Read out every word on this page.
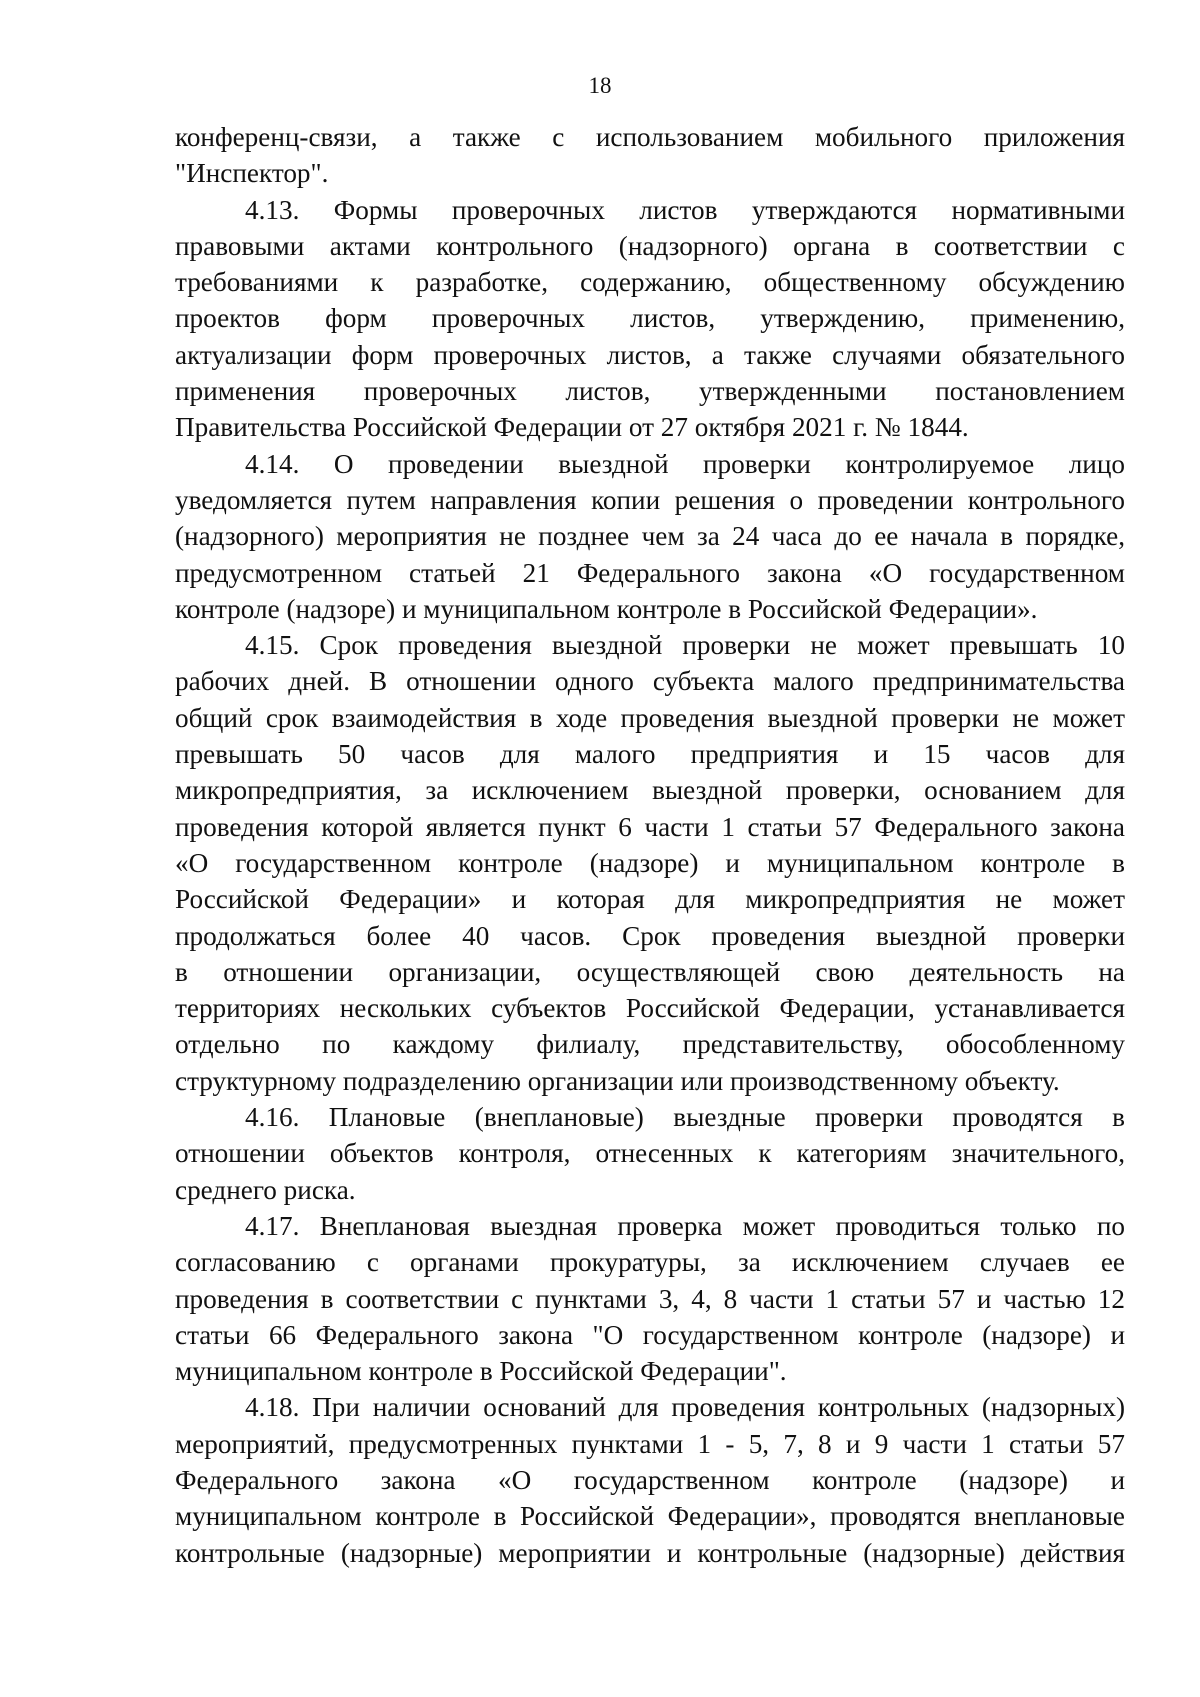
18
конференц-связи, а также с использованием мобильного приложения
"Инспектор".
4.13. Формы проверочных листов утверждаются нормативными
правовыми актами контрольного (надзорного) органа в соответствии с
требованиями к разработке, содержанию, общественному обсуждению
проектов форм проверочных листов, утверждению, применению,
актуализации форм проверочных листов, а также случаями обязательного
применения проверочных листов, утвержденными постановлением
Правительства Российской Федерации от 27 октября 2021 г. № 1844.
4.14. О проведении выездной проверки контролируемое лицо
уведомляется путем направления копии решения о проведении контрольного
(надзорного) мероприятия не позднее чем за 24 часа до ее начала в порядке,
предусмотренном статьей 21 Федерального закона «О государственном
контроле (надзоре) и муниципальном контроле в Российской Федерации».
4.15. Срок проведения выездной проверки не может превышать 10
рабочих дней. В отношении одного субъекта малого предпринимательства
общий срок взаимодействия в ходе проведения выездной проверки не может
превышать 50 часов для малого предприятия и 15 часов для
микропредприятия, за исключением выездной проверки, основанием для
проведения которой является пункт 6 части 1 статьи 57 Федерального закона
«О государственном контроле (надзоре) и муниципальном контроле в
Российской Федерации» и которая для микропредприятия не может
продолжаться более 40 часов. Срок проведения выездной проверки
в отношении организации, осуществляющей свою деятельность на
территориях нескольких субъектов Российской Федерации, устанавливается
отдельно по каждому филиалу, представительству, обособленному
структурному подразделению организации или производственному объекту.
4.16. Плановые (внеплановые) выездные проверки проводятся в
отношении объектов контроля, отнесенных к категориям значительного,
среднего риска.
4.17. Внеплановая выездная проверка может проводиться только по
согласованию с органами прокуратуры, за исключением случаев ее
проведения в соответствии с пунктами 3, 4, 8 части 1 статьи 57 и частью 12
статьи 66 Федерального закона "О государственном контроле (надзоре) и
муниципальном контроле в Российской Федерации".
4.18. При наличии оснований для проведения контрольных (надзорных)
мероприятий, предусмотренных пунктами 1 - 5, 7, 8 и 9 части 1 статьи 57
Федерального закона «О государственном контроле (надзоре) и
муниципальном контроле в Российской Федерации», проводятся внеплановые
контрольные (надзорные) мероприятии и контрольные (надзорные) действия
